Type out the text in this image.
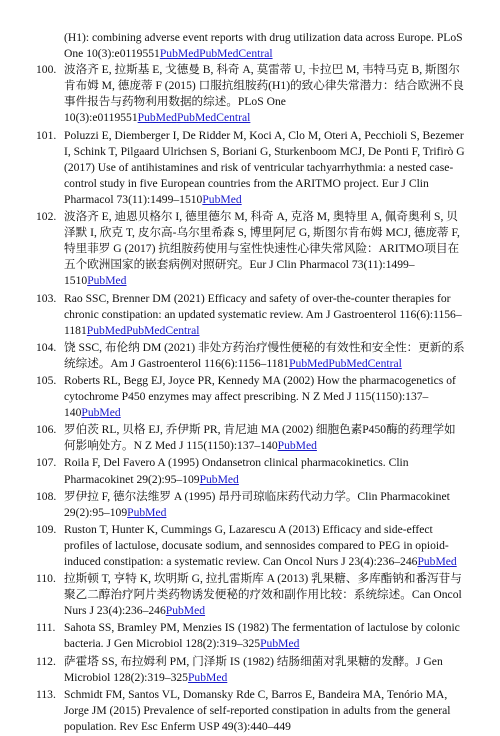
(H1): combining adverse event reports with drug utilization data across Europe. PLoS One 10(3):e0119551PubMedPubMedCentral
100. 波洛齐 E, 拉斯基 E, 戈德曼 B, 科奇 A, 莫雷蒂 U, 卡拉巴 M, 韦特马克 B, 斯图尔肯布姆 M, 德庞蒂 F (2015) 口服抗组胺药(H1)的致心律失常潜力：结合欧洲不良事件报告与药物利用数据的综述。PLoS One 10(3):e0119551PubMedPubMedCentral
101. Poluzzi E, Diemberger I, De Ridder M, Koci A, Clo M, Oteri A, Pecchioli S, Bezemer I, Schink T, Pilgaard Ulrichsen S, Boriani G, Sturkenboom MCJ, De Ponti F, Trifirò G (2017) Use of antihistamines and risk of ventricular tachyarrhythmia: a nested case-control study in five European countries from the ARITMO project. Eur J Clin Pharmacol 73(11):1499–1510PubMed
102. 波洛齐 E, 迪恩贝格尔 I, 德里德尔 M, 科奇 A, 克洛 M, 奥特里 A, 佩奇奥利 S, 贝泽默 I, 欣克 T, 皮尔高-乌尔里希森 S, 博里阿尼 G, 斯图尔肯布姆 MCJ, 德庞蒂 F, 特里菲罗 G (2017) 抗组胺药使用与室性快速性心律失常风险：ARITMO项目在五个欧洲国家的嵌套病例对照研究。Eur J Clin Pharmacol 73(11):1499–1510PubMed
103. Rao SSC, Brenner DM (2021) Efficacy and safety of over-the-counter therapies for chronic constipation: an updated systematic review. Am J Gastroenterol 116(6):1156–1181PubMedPubMedCentral
104. 饶 SSC, 布伦纳 DM (2021) 非处方药治疗慢性便秘的有效性和安全性：更新的系统综述。Am J Gastroenterol 116(6):1156–1181PubMedPubMedCentral
105. Roberts RL, Begg EJ, Joyce PR, Kennedy MA (2002) How the pharmacogenetics of cytochrome P450 enzymes may affect prescribing. N Z Med J 115(1150):137–140PubMed
106. 罗伯茨 RL, 贝格 EJ, 乔伊斯 PR, 肯尼迪 MA (2002) 细胞色素P450酶的药理学如何影响处方。N Z Med J 115(1150):137–140PubMed
107. Roila F, Del Favero A (1995) Ondansetron clinical pharmacokinetics. Clin Pharmacokinet 29(2):95–109PubMed
108. 罗伊拉 F, 德尔法维罗 A (1995) 昂丹司琼临床药代动力学。Clin Pharmacokinet 29(2):95–109PubMed
109. Ruston T, Hunter K, Cummings G, Lazarescu A (2013) Efficacy and side-effect profiles of lactulose, docusate sodium, and sennosides compared to PEG in opioid-induced constipation: a systematic review. Can Oncol Nurs J 23(4):236–246PubMed
110. 拉斯顿 T, 亨特 K, 坎明斯 G, 拉扎雷斯库 A (2013) 乳果糖、多库酯钠和番泻苷与聚乙二醇治疗阿片类药物诱发便秘的疗效和副作用比较：系统综述。Can Oncol Nurs J 23(4):236–246PubMed
111. Sahota SS, Bramley PM, Menzies IS (1982) The fermentation of lactulose by colonic bacteria. J Gen Microbiol 128(2):319–325PubMed
112. 萨霍塔 SS, 布拉姆利 PM, 门泽斯 IS (1982) 结肠细菌对乳果糖的发酵。J Gen Microbiol 128(2):319–325PubMed
113. Schmidt FM, Santos VL, Domansky Rde C, Barros E, Bandeira MA, Tenório MA, Jorge JM (2015) Prevalence of self-reported constipation in adults from the general population. Rev Esc Enferm USP 49(3):440–449
